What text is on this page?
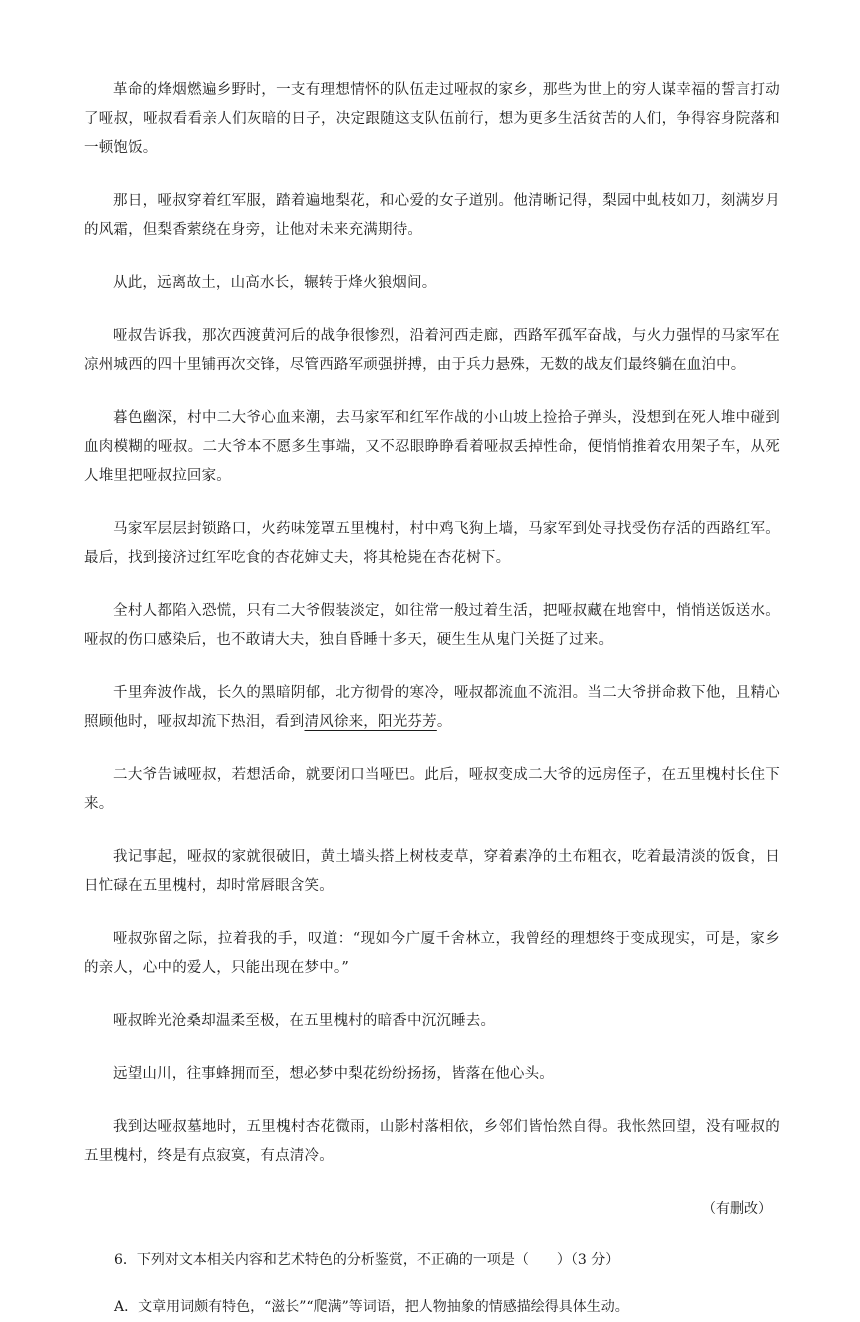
革命的烽烟燃遍乡野时，一支有理想情怀的队伍走过哑叔的家乡，那些为世上的穷人谋幸福的誓言打动了哑叔，哑叔看看亲人们灰暗的日子，决定跟随这支队伍前行，想为更多生活贫苦的人们，争得容身院落和一顿饱饭。

那日，哑叔穿着红军服，踏着遍地梨花，和心爱的女子道别。他清晰记得，梨园中虬枝如刀，刻满岁月的风霜，但梨香萦绕在身旁，让他对未来充满期待。

从此，远离故土，山高水长，辗转于烽火狼烟间。

哑叔告诉我，那次西渡黄河后的战争很惨烈，沿着河西走廊，西路军孤军奋战，与火力强悍的马家军在凉州城西的四十里铺再次交锋，尽管西路军顽强拼搏，由于兵力悬殊，无数的战友们最终躺在血泊中。

暮色幽深，村中二大爷心血来潮，去马家军和红军作战的小山坡上捡拾子弹头，没想到在死人堆中碰到血肉模糊的哑叔。二大爷本不愿多生事端，又不忍眼睁睁看着哑叔丢掉性命，便悄悄推着农用架子车，从死人堆里把哑叔拉回家。

马家军层层封锁路口，火药味笼罩五里槐村，村中鸡飞狗上墙，马家军到处寻找受伤存活的西路红军。最后，找到接济过红军吃食的杏花婶丈夫，将其枪毙在杏花树下。

全村人都陷入恐慌，只有二大爷假装淡定，如往常一般过着生活，把哑叔藏在地窖中，悄悄送饭送水。哑叔的伤口感染后，也不敢请大夫，独自昏睡十多天，硬生生从鬼门关挺了过来。

千里奔波作战，长久的黑暗阴郁，北方彻骨的寒冷，哑叔都流血不流泪。当二大爷拼命救下他，且精心照顾他时，哑叔却流下热泪，看到清风徐来，阳光芬芳。

二大爷告诫哑叔，若想活命，就要闭口当哑巴。此后，哑叔变成二大爷的远房侄子，在五里槐村长住下来。

我记事起，哑叔的家就很破旧，黄土墙头搭上树枝麦草，穿着素净的土布粗衣，吃着最清淡的饭食，日日忙碌在五里槐村，却时常唇眼含笑。

哑叔弥留之际，拉着我的手，叹道：“现如今广厦千舍林立，我曾经的理想终于变成现实，可是，家乡的亲人，心中的爱人，只能出现在梦中。”

哑叔眸光沧桑却温柔至极，在五里槐村的暗香中沉沉睡去。

远望山川，往事蜂拥而至，想必梦中梨花纷纷扬扬，皆落在他心头。

我到达哑叔墓地时，五里槐村杏花微雨，山影村落相依，乡邻们皆怡然自得。我怅然回望，没有哑叔的五里槐村，终是有点寂寞，有点清冷。

（有删改）

6．下列对文本相关内容和艺术特色的分析鉴赏，不正确的一项是（　　）（3 分）

A．文章用词颇有特色，“滋长”“爬满”等词语，把人物抽象的情感描绘得具体生动。
